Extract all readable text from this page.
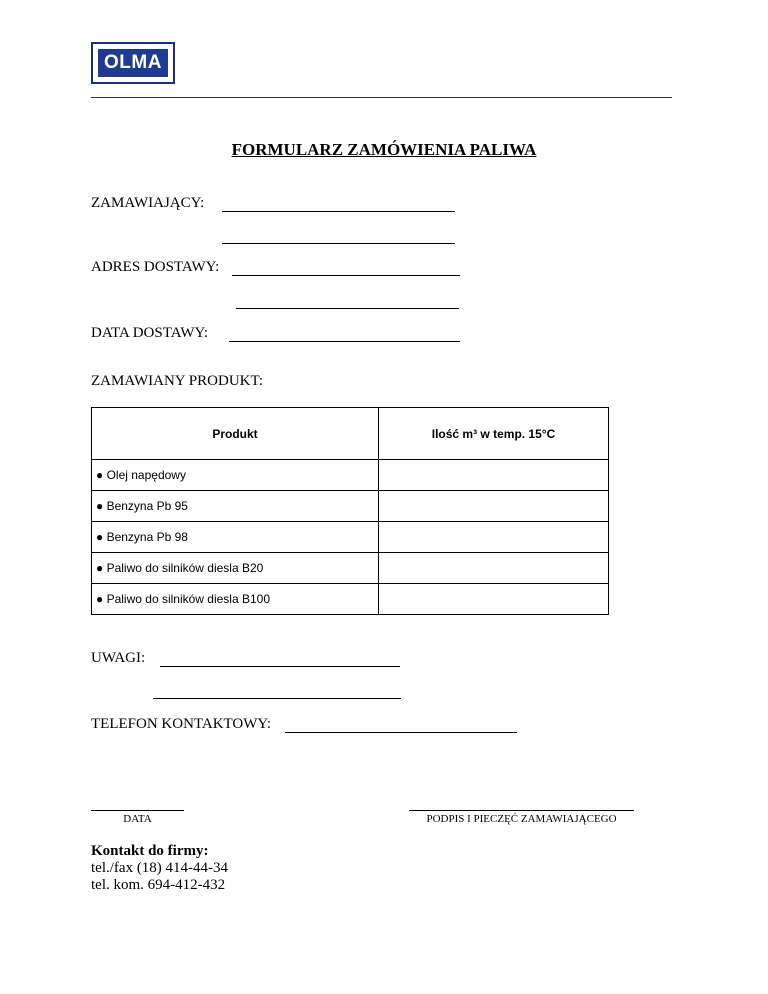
OLMA
FORMULARZ ZAMÓWIENIA PALIWA
ZAMAWIAJĄCY:
ADRES DOSTAWY:
DATA DOSTAWY:
ZAMAWIANY PRODUKT:
Produkt	Ilość m³ w temp. 15°C
● Olej napędowy	
● Benzyna Pb 95	
● Benzyna Pb 98	
● Paliwo do silników diesla B20	
● Paliwo do silników diesla B100	
UWAGI:
TELEFON KONTAKTOWY:
DATA	PODPIS I PIECZĘĆ ZAMAWIAJĄCEGO
Kontakt do firmy:
tel./fax (18) 414-44-34
tel. kom. 694-412-432
